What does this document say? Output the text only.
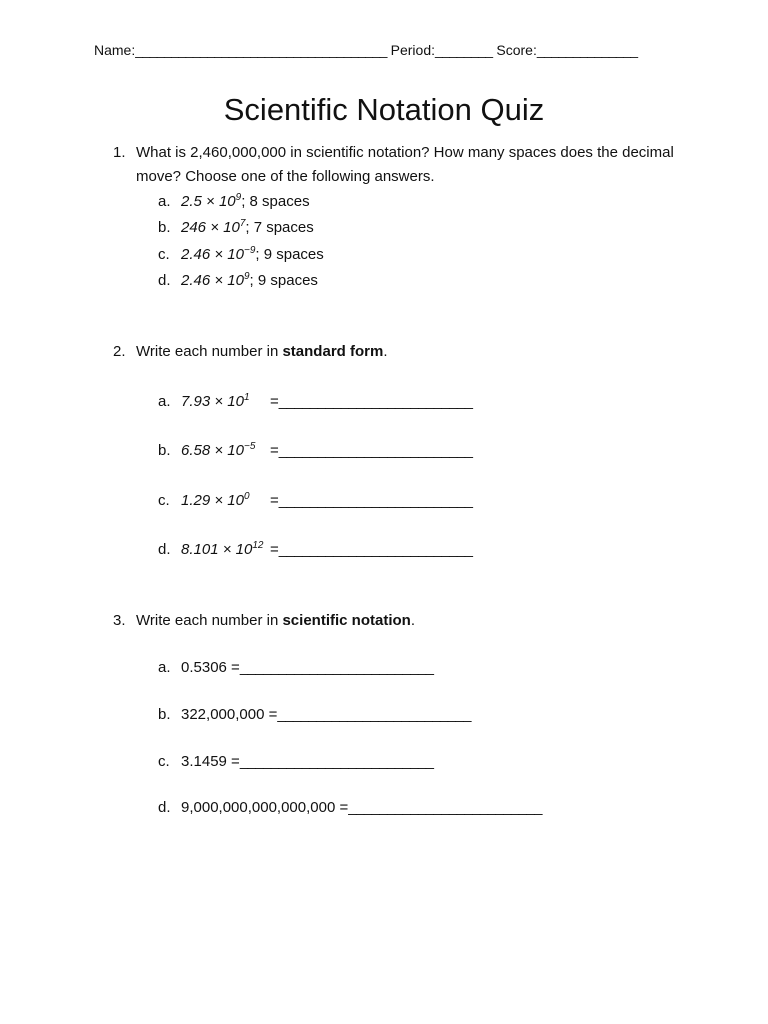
Name:___________________________________ Period:________ Score:______________
Scientific Notation Quiz
1. What is 2,460,000,000 in scientific notation? How many spaces does the decimal move? Choose one of the following answers.
a. $2.5 \times 10^9$; 8 spaces
b. $246 \times 10^7$; 7 spaces
c. $2.46 \times 10^{-9}$; 9 spaces
d. $2.46 \times 10^9$; 9 spaces
2. Write each number in standard form.
a. $7.93 \times 10^1$ =_________________________
b. $6.58 \times 10^{-5}$ =_________________________
c. $1.29 \times 10^0$ =_________________________
d. $8.101 \times 10^{12}$ =_________________________
3. Write each number in scientific notation.
a. 0.5306 =_________________________
b. 322,000,000 =_________________________
c. 3.1459 =_________________________
d. 9,000,000,000,000,000 =_________________________
